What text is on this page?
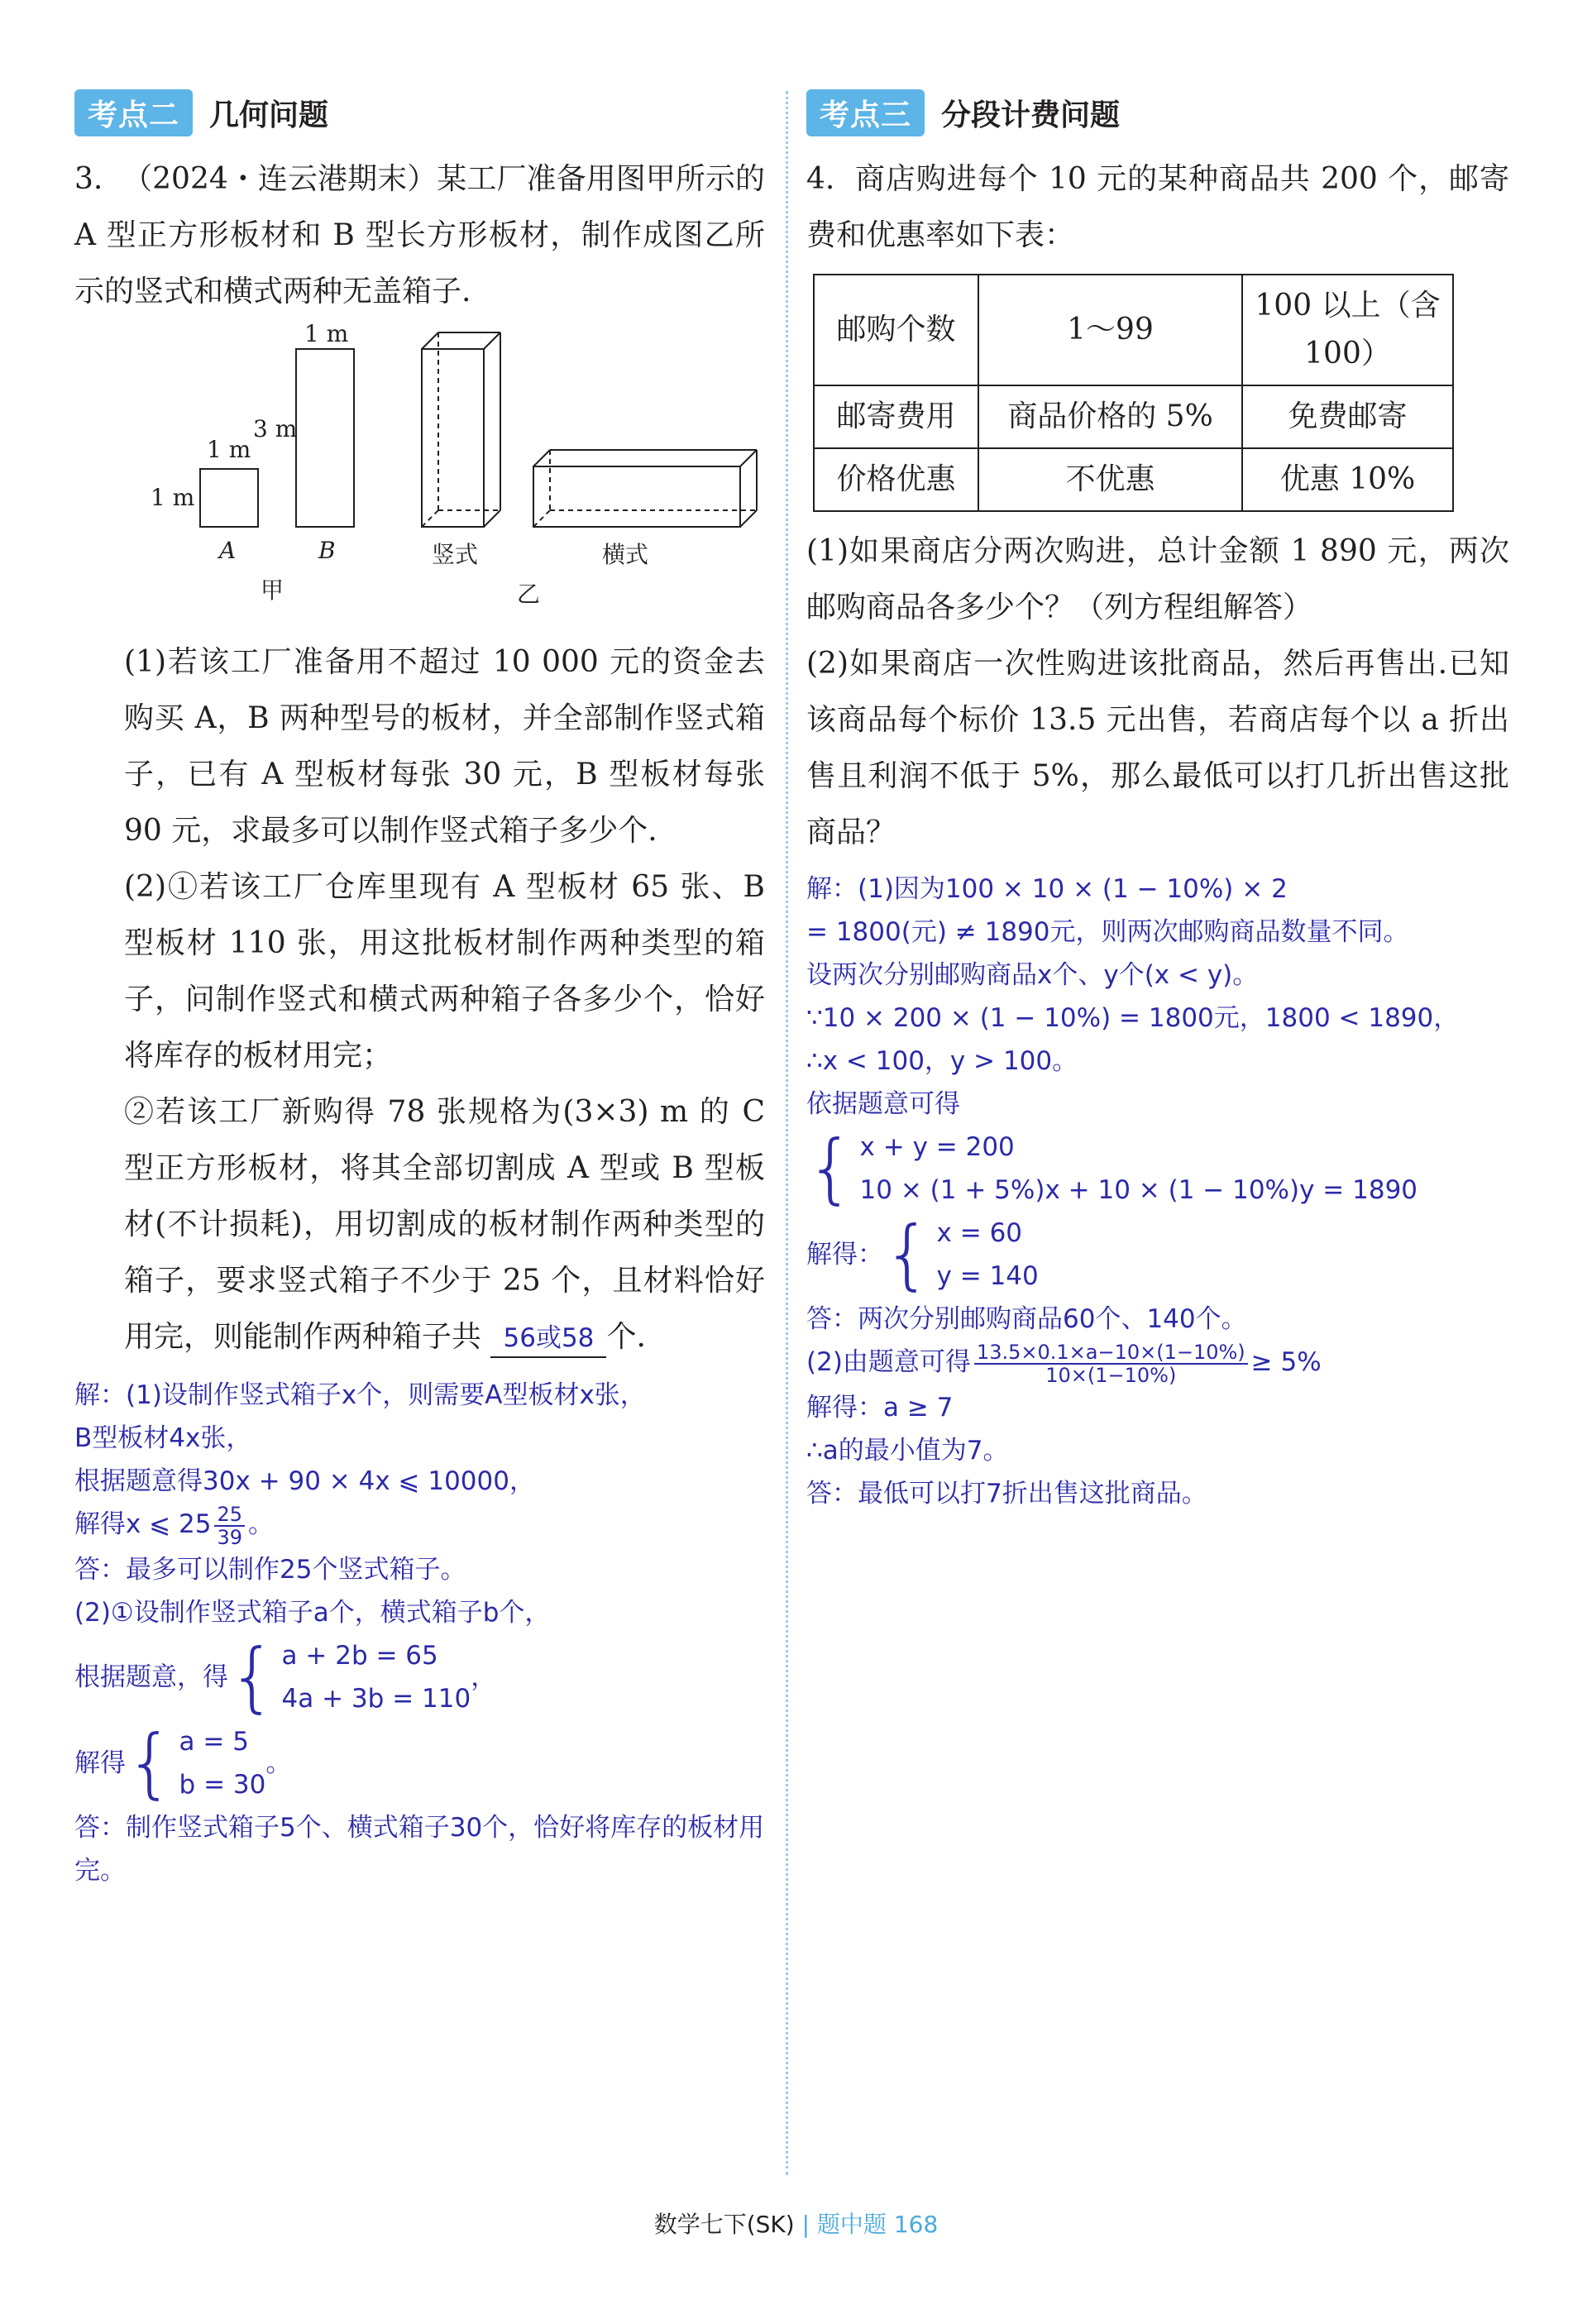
考点二	几何问题
3. （2024・连云港期末）某工厂准备用图甲所示的A 型正方形板材和 B 型长方形板材，制作成图乙所示的竖式和横式两种无盖箱子.
1 m
1 m
1 m
3 m
A	B	竖式	横式
甲	乙
(1)若该工厂准备用不超过 10 000 元的资金去购买 A，B 两种型号的板材，并全部制作竖式箱子，已有 A 型板材每张 30 元，B 型板材每张 90 元，求最多可以制作竖式箱子多少个.
(2)①若该工厂仓库里现有 A 型板材 65 张、B 型板材 110 张，用这批板材制作两种类型的箱子，问制作竖式和横式两种箱子各多少个，恰好将库存的板材用完；
②若该工厂新购得 78 张规格为(3×3) m 的 C 型正方形板材，将其全部切割成 A 型或 B 型板材(不计损耗)，用切割成的板材制作两种类型的箱子，要求竖式箱子不少于 25 个，且材料恰好用完，则能制作两种箱子共 56或58 个.
解：(1)设制作竖式箱子x个，则需要A型板材x张，
B型板材4x张，
根据题意得30x + 90 × 4x ⩽ 10000，
解得x ⩽ $25 \frac{25}{39}$ 。
答：最多可以制作25个竖式箱子。
(2)①设制作竖式箱子a个，横式箱子b个，
根据题意，得 { a + 2b = 65
4a + 3b = 110
，
解得 { a = 5
b = 30
。
答：制作竖式箱子5个、横式箱子30个，恰好将库存的板材用完。
考点三	分段计费问题
4. 商店购进每个 10 元的某种商品共 200 个，邮寄费和优惠率如下表：
邮购个数	1～99	100 以上（含 100）
邮寄费用	商品价格的 5%	免费邮寄
价格优惠	不优惠	优惠 10%
(1)如果商店分两次购进，总计金额 1 890 元，两次邮购商品各多少个？（列方程组解答）
(2)如果商店一次性购进该批商品，然后再售出.已知该商品每个标价 13.5 元出售，若商店每个以 a 折出售且利润不低于 5%，那么最低可以打几折出售这批商品？
解：(1)因为100 × 10 × (1 − 10%) × 2
= 1800(元) ≠ 1890元，则两次邮购商品数量不同。
设两次分别邮购商品x个、y个(x < y)。
∵10 × 200 × (1 − 10%) = 1800元，1800 < 1890，
∴x < 100，y > 100。
依据题意可得
{ x + y = 200
10 × (1 + 5%)x + 10 × (1 − 10%)y = 1890
解得： { x = 60
y = 140
答：两次分别邮购商品60个、140个。
(2)由题意可得 $\frac{13.5\times 0.1\times a-10\times(1-10\%)}{10\times(1-10\%)} \ge 5\%$
解得：a ≥ 7
∴a的最小值为7。
答：最低可以打7折出售这批商品。
数学七下(SK) | 题中题 168
